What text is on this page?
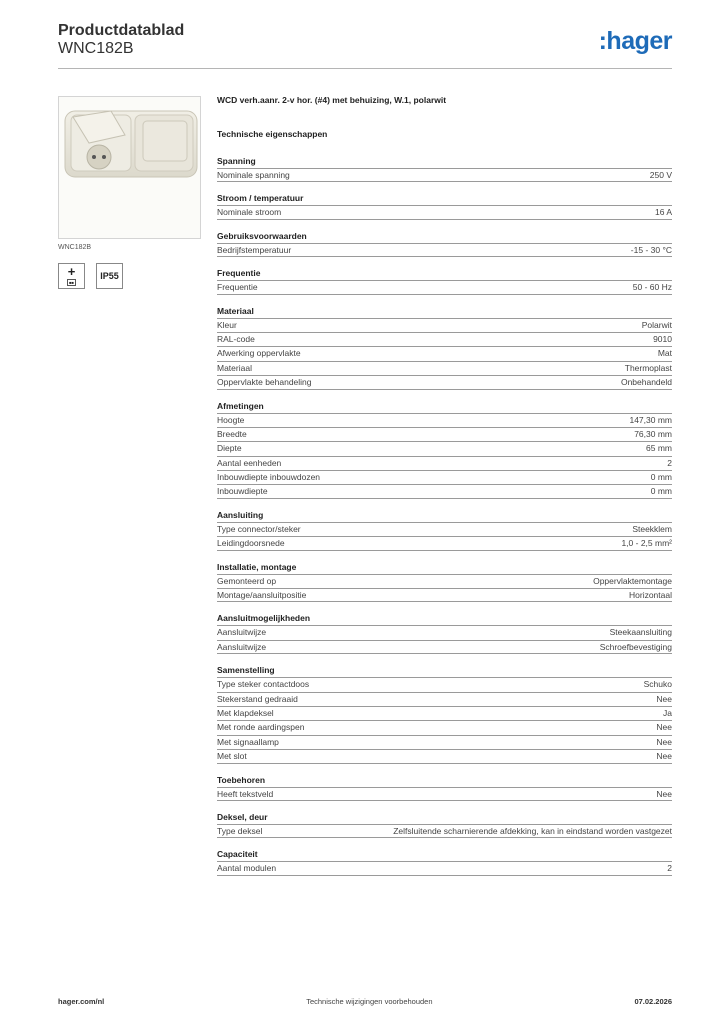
Productdatablad
WNC182B	:hager
WNC182B
+
■■
IP55
WCD verh.aanr. 2-v hor. (#4) met behuizing, W.1, polarwit
Technische eigenschappen
Spanning
Nominale spanning	250 V
Stroom / temperatuur
Nominale stroom	16 A
Gebruiksvoorwaarden
Bedrijfstemperatuur	-15 - 30 °C
Frequentie
Frequentie	50 - 60 Hz
Materiaal
Kleur	Polarwit
RAL-code	9010
Afwerking oppervlakte	Mat
Materiaal	Thermoplast
Oppervlakte behandeling	Onbehandeld
Afmetingen
Hoogte	147,30 mm
Breedte	76,30 mm
Diepte	65 mm
Aantal eenheden	2
Inbouwdiepte inbouwdozen	0 mm
Inbouwdiepte	0 mm
Aansluiting
Type connector/steker	Steekklem
Leidingdoorsnede	1,0 - 2,5 mm²
Installatie, montage
Gemonteerd op	Oppervlaktemontage
Montage/aansluitpositie	Horizontaal
Aansluitmogelijkheden
Aansluitwijze	Steekaansluiting
Aansluitwijze	Schroefbevestiging
Samenstelling
Type steker contactdoos	Schuko
Stekerstand gedraaid	Nee
Met klapdeksel	Ja
Met ronde aardingspen	Nee
Met signaallamp	Nee
Met slot	Nee
Toebehoren
Heeft tekstveld	Nee
Deksel, deur
Type deksel	Zelfsluitende scharnierende afdekking, kan in eindstand worden vastgezet
Capaciteit
Aantal modulen	2
hager.com/nl	Technische wijzigingen voorbehouden	07.02.2026
